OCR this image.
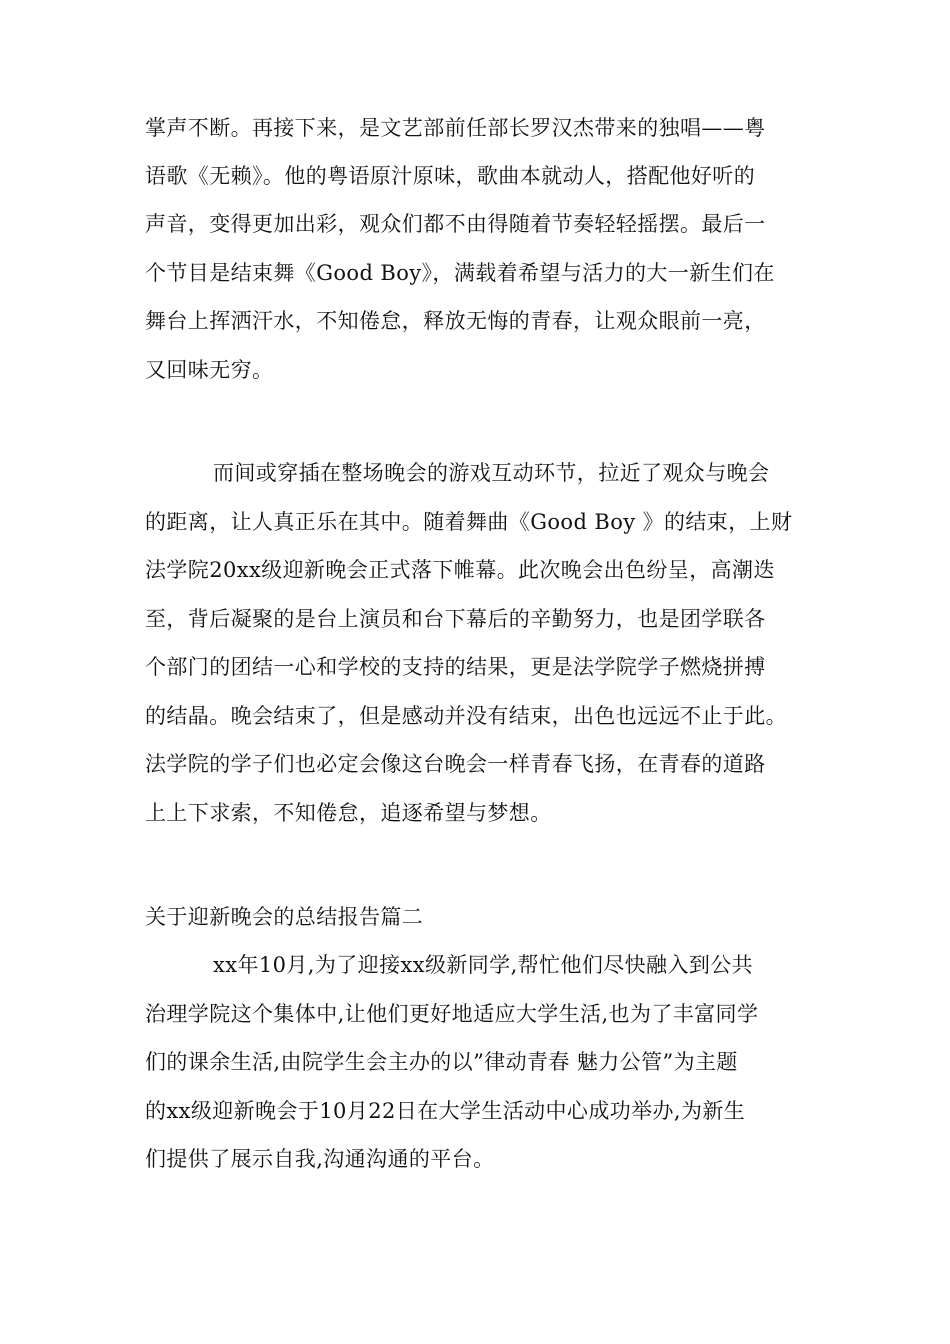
掌声不断。再接下来，是文艺部前任部长罗汉杰带来的独唱——粤

语歌《无赖》。他的粤语原汁原味，歌曲本就动人，搭配他好听的

声音，变得更加出彩，观众们都不由得随着节奏轻轻摇摆。最后一

个节目是结束舞《Good Boy》，满载着希望与活力的大一新生们在

舞台上挥洒汗水，不知倦怠，释放无悔的青春，让观众眼前一亮，

又回味无穷。

而间或穿插在整场晚会的游戏互动环节，拉近了观众与晚会

的距离，让人真正乐在其中。随着舞曲《Good Boy 》的结束，上财

法学院20xx级迎新晚会正式落下帷幕。此次晚会出色纷呈，高潮迭

至，背后凝聚的是台上演员和台下幕后的辛勤努力，也是团学联各

个部门的团结一心和学校的支持的结果，更是法学院学子燃烧拼搏

的结晶。晚会结束了，但是感动并没有结束，出色也远远不止于此。

法学院的学子们也必定会像这台晚会一样青春飞扬，在青春的道路

上上下求索，不知倦怠，追逐希望与梦想。

关于迎新晚会的总结报告篇二

xx年10月,为了迎接xx级新同学,帮忙他们尽快融入到公共

治理学院这个集体中,让他们更好地适应大学生活,也为了丰富同学

们的课余生活,由院学生会主办的以”律动青春 魅力公管”为主题

的xx级迎新晚会于10月22日在大学生活动中心成功举办,为新生

们提供了展示自我,沟通沟通的平台。
